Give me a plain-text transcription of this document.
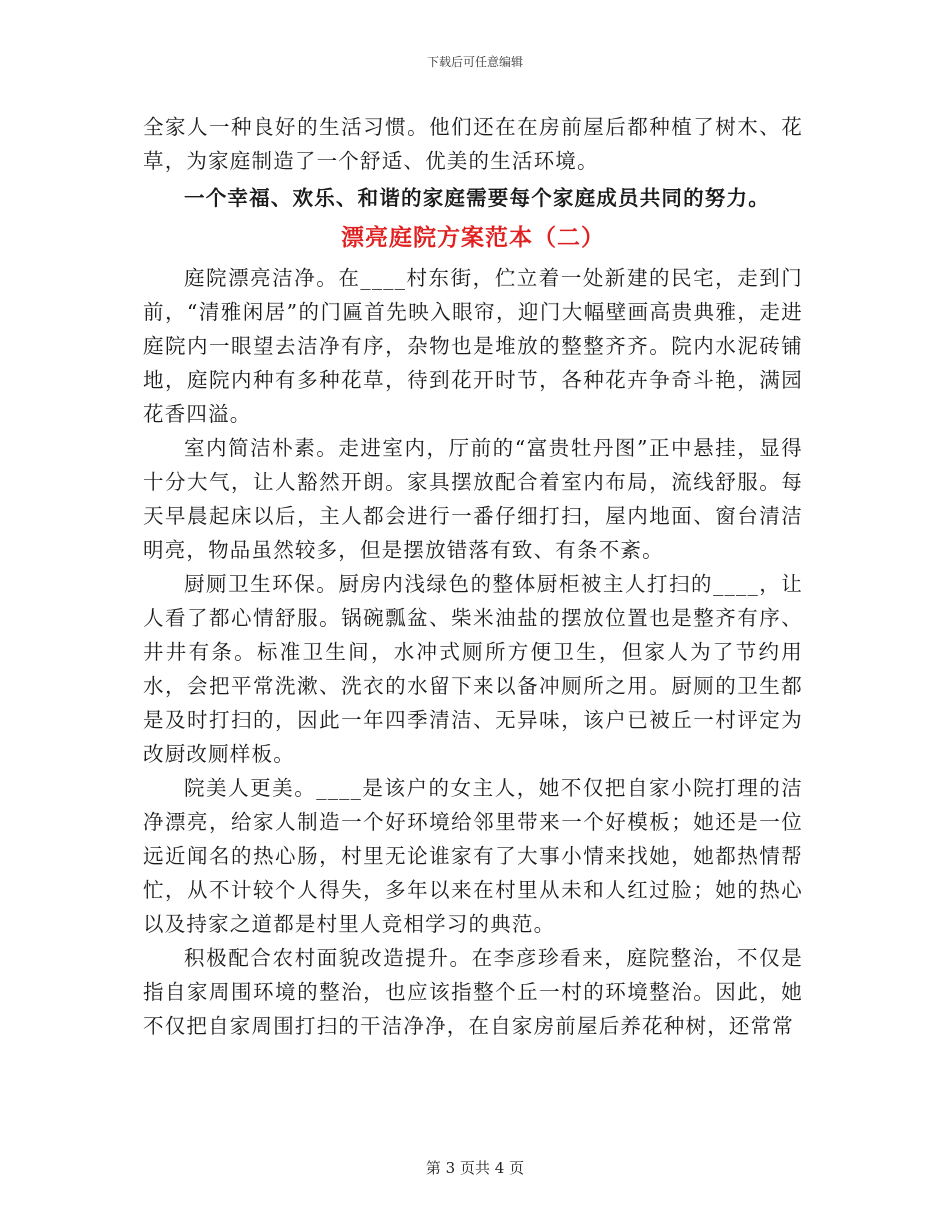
下载后可任意编辑

全家人一种良好的生活习惯。他们还在在房前屋后都种植了树木、花草，为家庭制造了一个舒适、优美的生活环境。

一个幸福、欢乐、和谐的家庭需要每个家庭成员共同的努力。

漂亮庭院方案范本（二）

庭院漂亮洁净。在____村东街，伫立着一处新建的民宅，走到门前，“清雅闲居”的门匾首先映入眼帘，迎门大幅壁画高贵典雅，走进庭院内一眼望去洁净有序，杂物也是堆放的整整齐齐。院内水泥砖铺地，庭院内种有多种花草，待到花开时节，各种花卉争奇斗艳，满园花香四溢。

室内简洁朴素。走进室内，厅前的“富贵牡丹图”正中悬挂，显得十分大气，让人豁然开朗。家具摆放配合着室内布局，流线舒服。每天早晨起床以后，主人都会进行一番仔细打扫，屋内地面、窗台清洁明亮，物品虽然较多，但是摆放错落有致、有条不紊。

厨厕卫生环保。厨房内浅绿色的整体厨柜被主人打扫的____，让人看了都心情舒服。锅碗瓢盆、柴米油盐的摆放位置也是整齐有序、井井有条。标准卫生间，水冲式厕所方便卫生，但家人为了节约用水，会把平常洗漱、洗衣的水留下来以备冲厕所之用。厨厕的卫生都是及时打扫的，因此一年四季清洁、无异味，该户已被丘一村评定为改厨改厕样板。

院美人更美。____是该户的女主人，她不仅把自家小院打理的洁净漂亮，给家人制造一个好环境给邻里带来一个好模板；她还是一位远近闻名的热心肠，村里无论谁家有了大事小情来找她，她都热情帮忙，从不计较个人得失，多年以来在村里从未和人红过脸；她的热心以及持家之道都是村里人竞相学习的典范。

积极配合农村面貌改造提升。在李彦珍看来，庭院整治，不仅是指自家周围环境的整治，也应该指整个丘一村的环境整治。因此，她不仅把自家周围打扫的干洁净净，在自家房前屋后养花种树，还常常

第 3 页共 4 页
